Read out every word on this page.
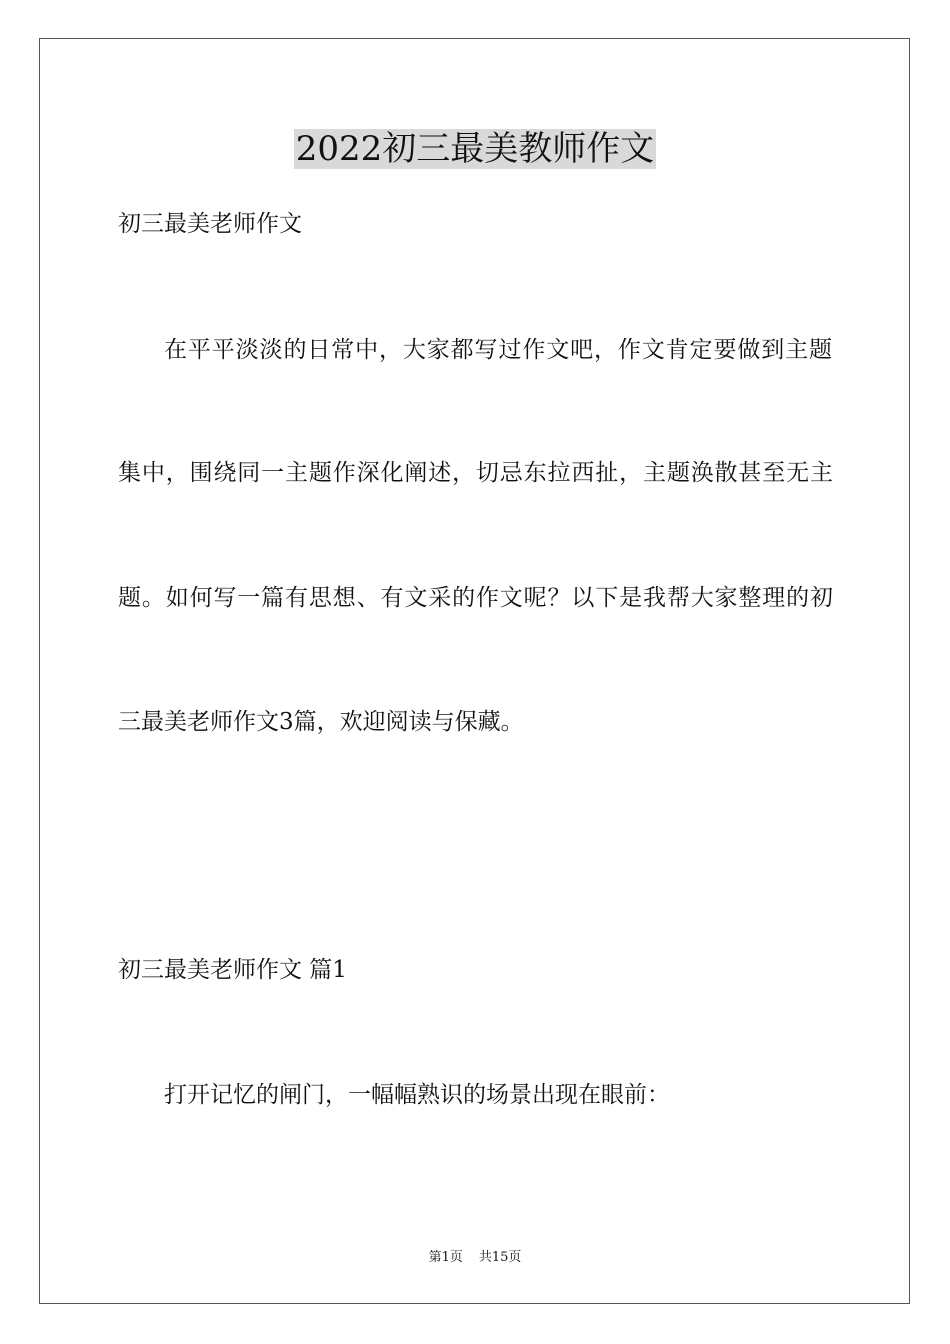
2022初三最美教师作文
初三最美老师作文
在平平淡淡的日常中，大家都写过作文吧，作文肯定要做到主题
集中，围绕同一主题作深化阐述，切忌东拉西扯，主题涣散甚至无主
题。如何写一篇有思想、有文采的作文呢？以下是我帮大家整理的初
三最美老师作文3篇，欢迎阅读与保藏。
初三最美老师作文 篇1
打开记忆的闸门，一幅幅熟识的场景出现在眼前：
第1页 共15页
